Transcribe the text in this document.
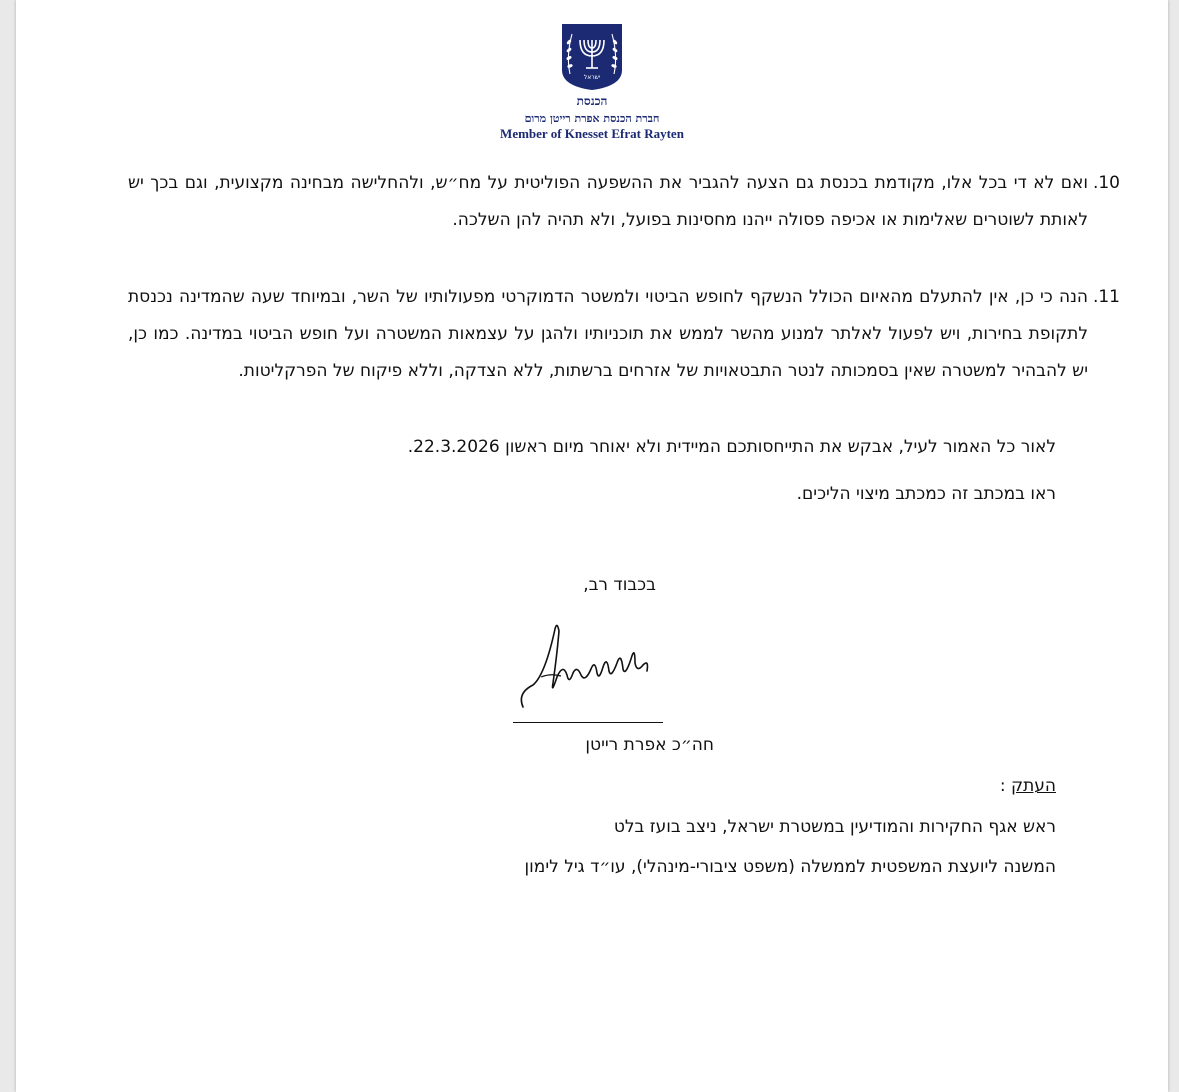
ישראל
הכנסת
חברת הכנסת אפרת רייטן מרום
Member of Knesset Efrat Rayten
.10
ואם לא די בכל אלו, מקודמת בכנסת גם הצעה להגביר את ההשפעה הפוליטית על מח״ש, ולהחלישה מבחינה מקצועית, וגם בכך יש לאותת לשוטרים שאלימות או אכיפה פסולה ייהנו מחסינות בפועל, ולא תהיה להן השלכה.
.11
הנה כי כן, אין להתעלם מהאיום הכולל הנשקף לחופש הביטוי ולמשטר הדמוקרטי מפעולותיו של השר, ובמיוחד שעה שהמדינה נכנסת לתקופת בחירות, ויש לפעול לאלתר למנוע מהשר לממש את תוכניותיו ולהגן על עצמאות המשטרה ועל חופש הביטוי במדינה. כמו כן, יש להבהיר למשטרה שאין בסמכותה לנטר התבטאויות של אזרחים ברשתות, ללא הצדקה, וללא פיקוח של הפרקליטות.
לאור כל האמור לעיל, אבקש את התייחסותכם המיידית ולא יאוחר מיום ראשון 22.3.2026.
ראו במכתב זה כמכתב מיצוי הליכים.
בכבוד רב,
חה״כ אפרת רייטן
העתק :
ראש אגף החקירות והמודיעין במשטרת ישראל, ניצב בועז בלט
המשנה ליועצת המשפטית לממשלה (משפט ציבורי-מינהלי), עו״ד גיל לימון
